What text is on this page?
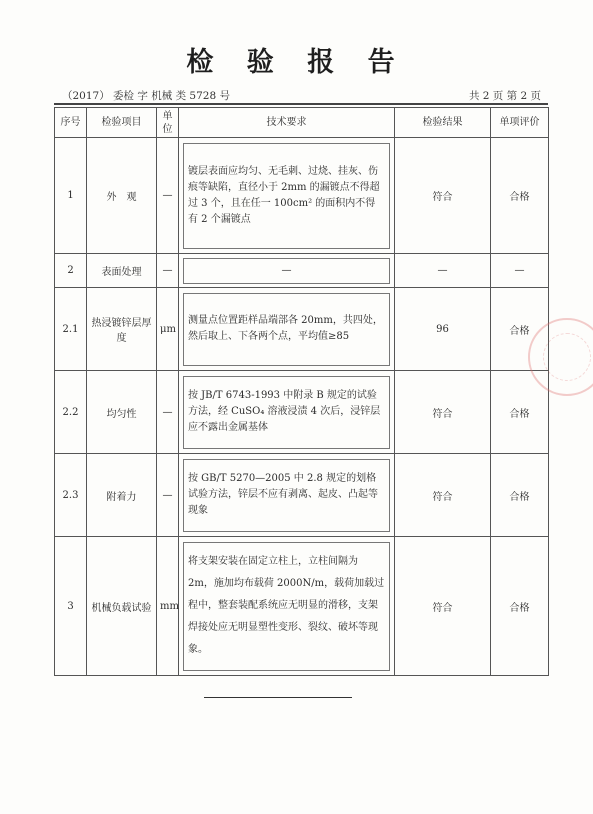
检 验 报 告
（2017） 委检 字 机械 类 5728 号	共 2 页 第 2 页
序号	检验项目	单位	技术要求	检验结果	单项评价
1	外　观	—	镀层表面应均匀、无毛刺、过烧、挂灰、伤痕等缺陷，直径小于 2mm 的漏镀点不得超过 3 个，且在任一 100cm² 的面积内不得有 2 个漏镀点	符合	合格
2	表面处理	—	—	—	—
2.1	热浸镀锌层厚度	μm	测量点位置距样品端部各 20mm，共四处，然后取上、下各两个点，平均值≥85	96	合格
2.2	均匀性	—	按 JB/T 6743-1993 中附录 B 规定的试验方法，经 CuSO₄ 溶液浸渍 4 次后，浸锌层应不露出金属基体	符合	合格
2.3	附着力	—	按 GB/T 5270—2005 中 2.8 规定的划格试验方法，锌层不应有剥离、起皮、凸起等现象	符合	合格
3	机械负载试验	mm	将支架安装在固定立柱上，立柱间隔为 2m，施加均布载荷 2000N/m，载荷加载过程中，整套装配系统应无明显的滑移，支架焊接处应无明显塑性变形、裂纹、破坏等现象。	符合	合格
